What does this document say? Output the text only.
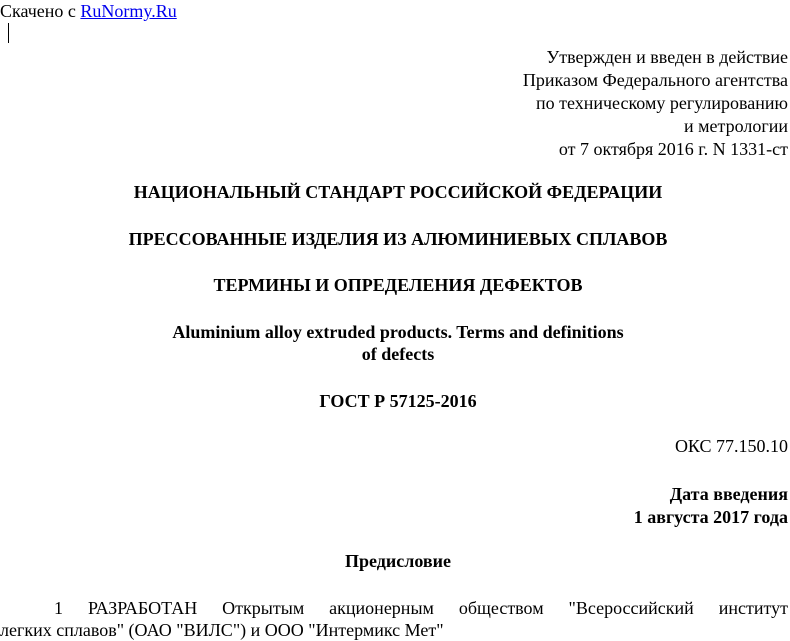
Скачено с RuNormy.Ru
Утвержден и введен в действие
Приказом Федерального агентства
по техническому регулированию
и метрологии
от 7 октября 2016 г. N 1331-ст
НАЦИОНАЛЬНЫЙ СТАНДАРТ РОССИЙСКОЙ ФЕДЕРАЦИИ
ПРЕССОВАННЫЕ ИЗДЕЛИЯ ИЗ АЛЮМИНИЕВЫХ СПЛАВОВ
ТЕРМИНЫ И ОПРЕДЕЛЕНИЯ ДЕФЕКТОВ
Aluminium alloy extruded products. Terms and definitions
of defects
ГОСТ Р 57125-2016
ОКС 77.150.10
Дата введения
1 августа 2017 года
Предисловие
1 РАЗРАБОТАН Открытым акционерным обществом "Всероссийский институт
легких сплавов" (ОАО "ВИЛС") и ООО "Интермикс Мет"
